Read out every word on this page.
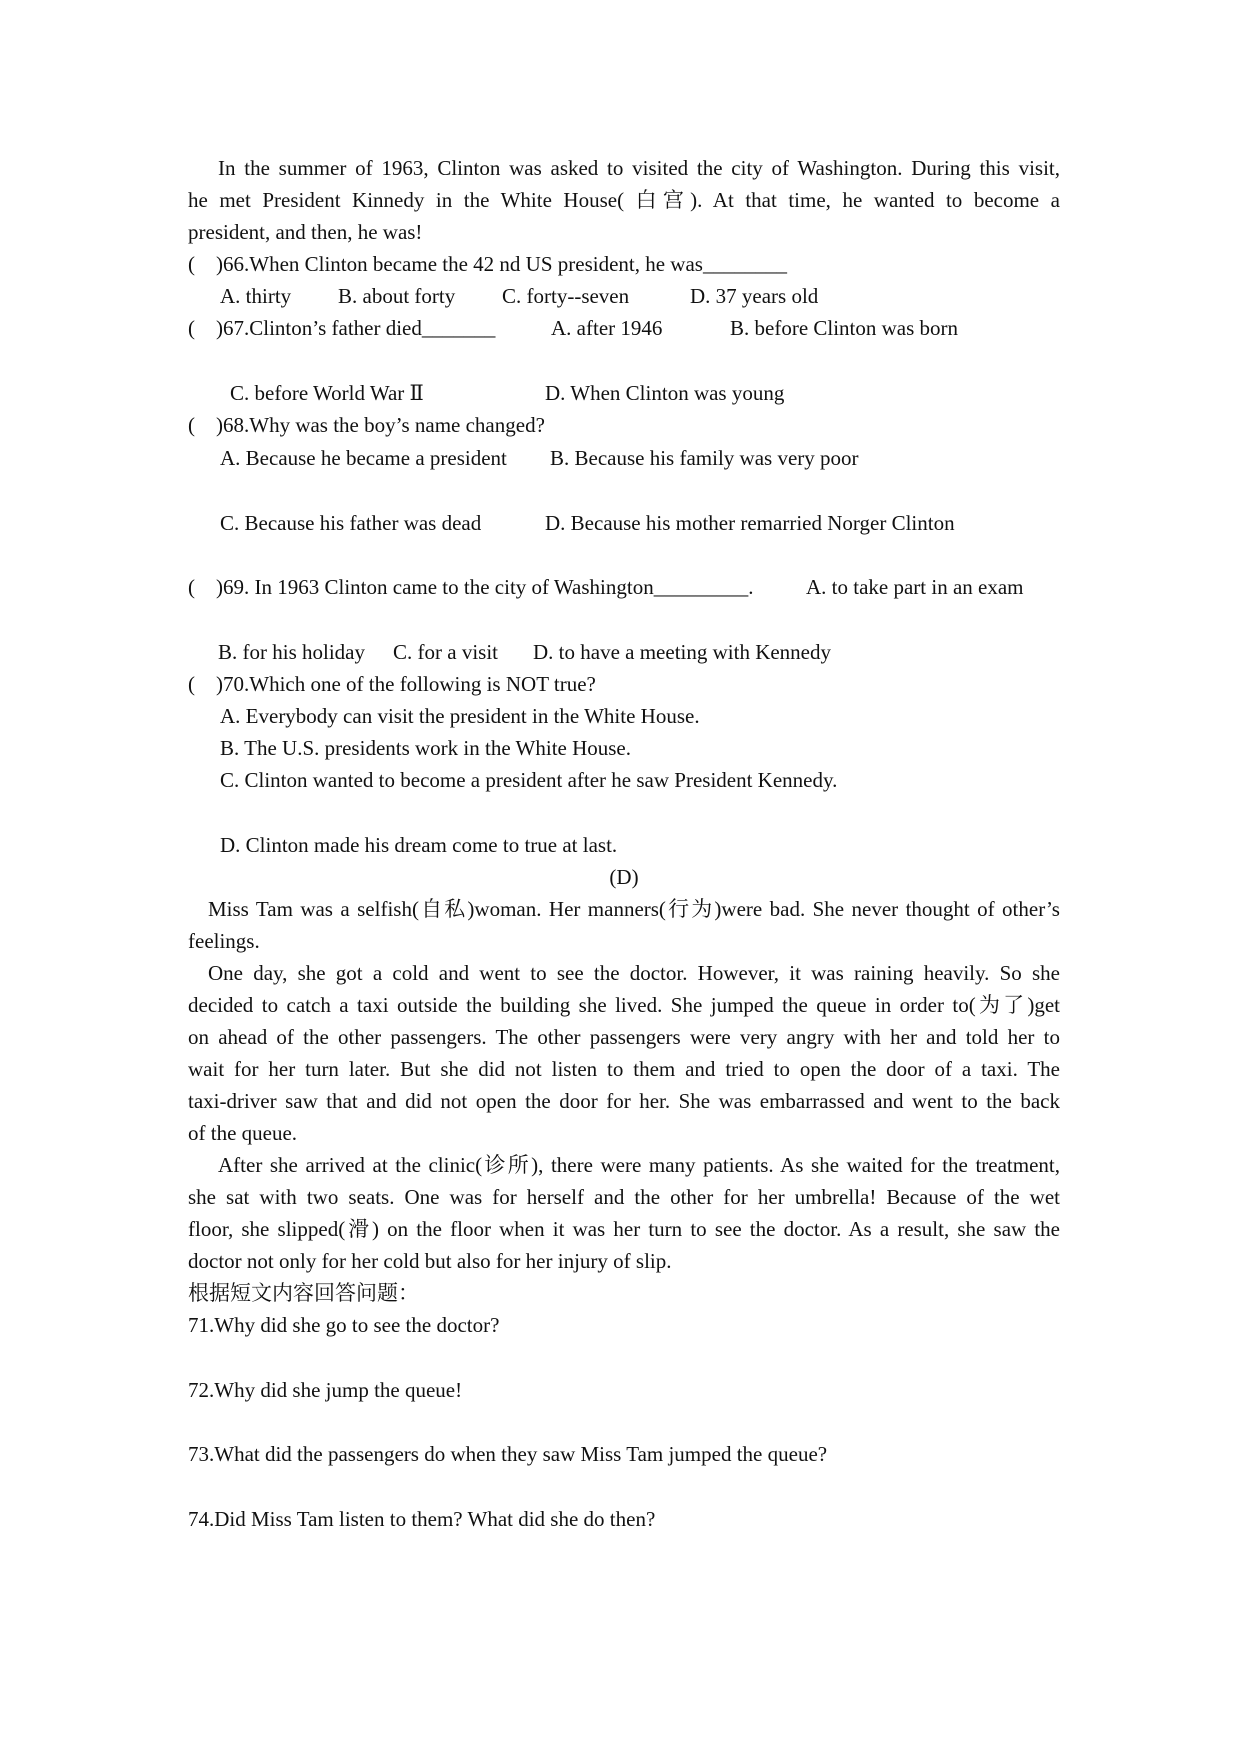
In the summer of 1963, Clinton was asked to visited the city of Washington. During this visit,
he met President Kinnedy in the White House( 白宫). At that time, he wanted to become a
president, and then, he was!
( )66.When Clinton became the 42 nd US president, he was________
A. thirty B. about forty C. forty--seven	D. 37 years old
( )67.Clinton’s father died_______	A. after 1946	B. before Clinton was born
C. before World War Ⅱ	D. When Clinton was young
( )68.Why was the boy’s name changed?
A. Because he became a president B. Because his family was very poor
C. Because his father was dead	D. Because his mother remarried Norger Clinton
( )69. In 1963 Clinton came to the city of Washington_________.	A. to take part in an exam
B. for his holiday C. for a visit D. to have a meeting with Kennedy
( )70.Which one of the following is NOT true?
A. Everybody can visit the president in the White House.
B. The U.S. presidents work in the White House.
C. Clinton wanted to become a president after he saw President Kennedy.
D. Clinton made his dream come to true at last.
(D)
Miss Tam was a selfish(自私)woman. Her manners(行为)were bad. She never thought of other’s
feelings.
One day, she got a cold and went to see the doctor. However, it was raining heavily. So she
decided to catch a taxi outside the building she lived. She jumped the queue in order to(为了)get
on ahead of the other passengers. The other passengers were very angry with her and told her to
wait for her turn later. But she did not listen to them and tried to open the door of a taxi. The
taxi-driver saw that and did not open the door for her. She was embarrassed and went to the back
of the queue.
After she arrived at the clinic(诊所), there were many patients. As she waited for the treatment,
she sat with two seats. One was for herself and the other for her umbrella! Because of the wet
floor, she slipped(滑) on the floor when it was her turn to see the doctor. As a result, she saw the
doctor not only for her cold but also for her injury of slip.
根据短文内容回答问题：
71.Why did she go to see the doctor?
72.Why did she jump the queue!
73.What did the passengers do when they saw Miss Tam jumped the queue?
74.Did Miss Tam listen to them? What did she do then?
